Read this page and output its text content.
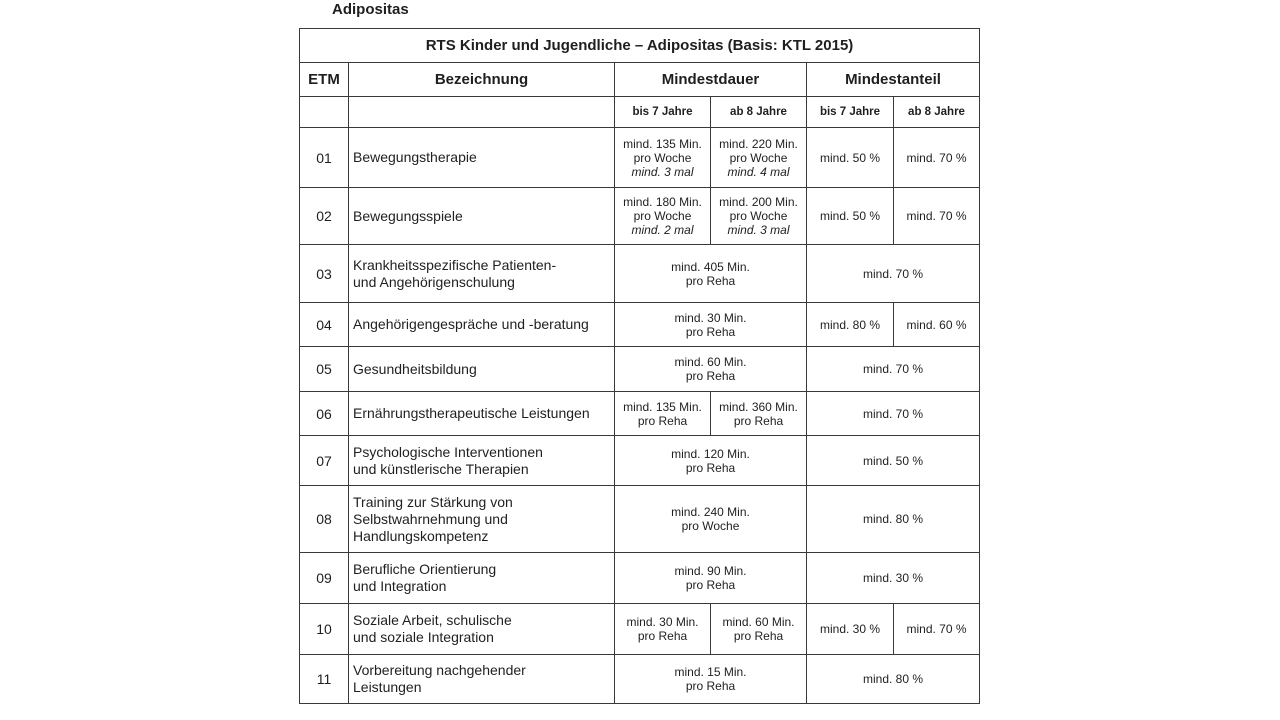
Adipositas
RTS Kinder und Jugendliche – Adipositas (Basis: KTL 2015)					
ETM	Bezeichnung	Mindestdauer		Mindestanteil	
		bis 7 Jahre	ab 8 Jahre	bis 7 Jahre	ab 8 Jahre
01	Bewegungstherapie	mind. 135 Min.
pro Woche
mind. 3 mal	mind. 220 Min.
pro Woche
mind. 4 mal	mind. 50 %	mind. 70 %
02	Bewegungsspiele	mind. 180 Min.
pro Woche
mind. 2 mal	mind. 200 Min.
pro Woche
mind. 3 mal	mind. 50 %	mind. 70 %
03	Krankheitsspezifische Patienten-
und Angehörigenschulung	mind. 405 Min.
pro Reha		mind. 70 %	
04	Angehörigengespräche und -beratung	mind. 30 Min.
pro Reha		mind. 80 %	mind. 60 %
05	Gesundheitsbildung	mind. 60 Min.
pro Reha		mind. 70 %	
06	Ernährungstherapeutische Leistungen	mind. 135 Min.
pro Reha	mind. 360 Min.
pro Reha	mind. 70 %	
07	Psychologische Interventionen
und künstlerische Therapien	mind. 120 Min.
pro Reha		mind. 50 %	
08	Training zur Stärkung von
Selbstwahrnehmung und
Handlungskompetenz	mind. 240 Min.
pro Woche		mind. 80 %	
09	Berufliche Orientierung
und Integration	mind. 90 Min.
pro Reha		mind. 30 %	
10	Soziale Arbeit, schulische
und soziale Integration	mind. 30 Min.
pro Reha	mind. 60 Min.
pro Reha	mind. 30 %	mind. 70 %
11	Vorbereitung nachgehender
Leistungen	mind. 15 Min.
pro Reha		mind. 80 %	
